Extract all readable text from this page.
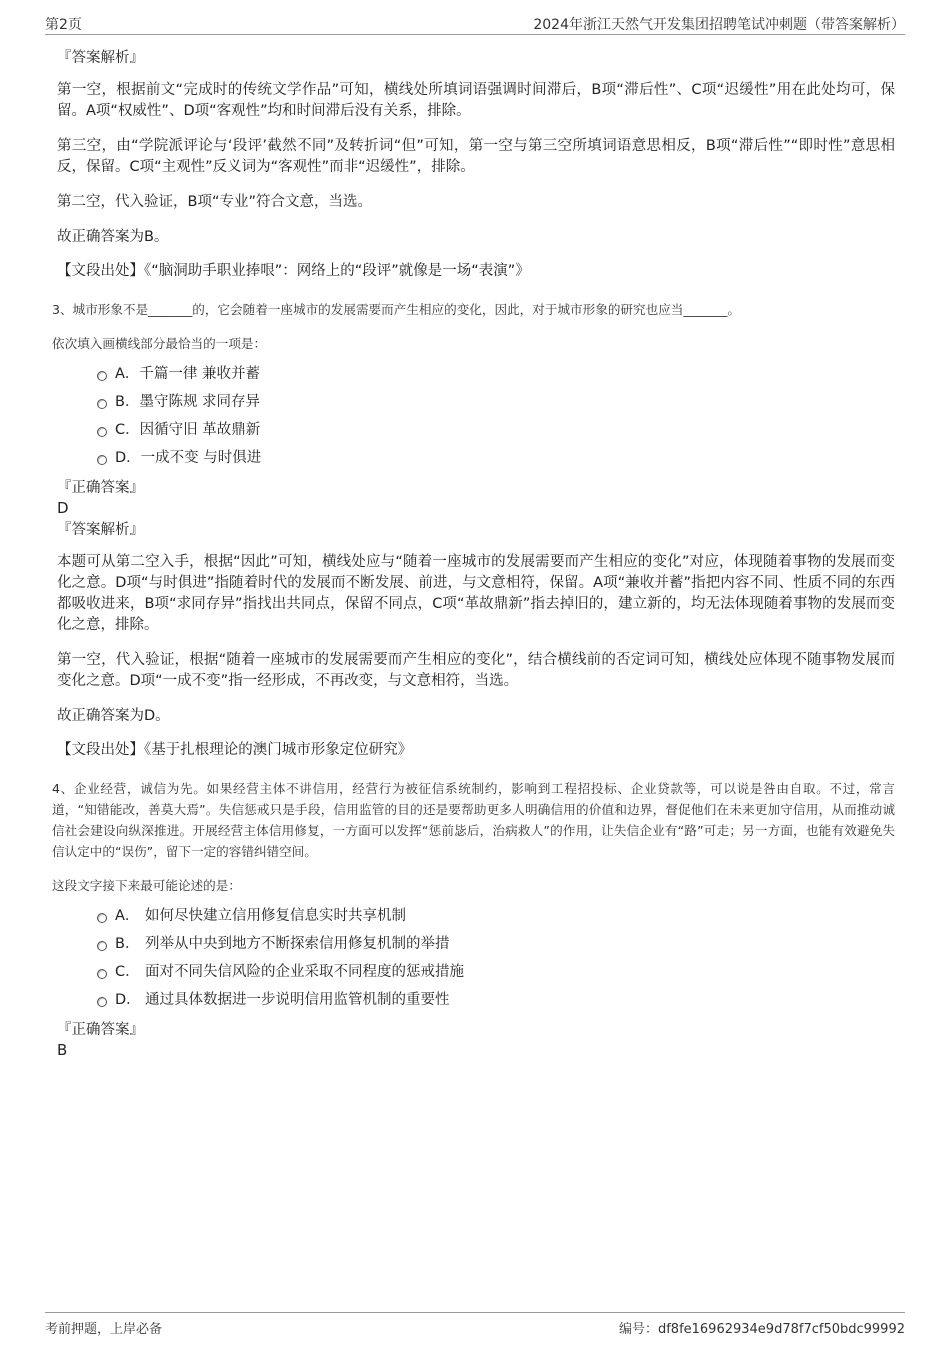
第2页	2024年浙江天然气开发集团招聘笔试冲刺题（带答案解析）

『答案解析』

第一空，根据前文“完成时的传统文学作品”可知，横线处所填词语强调时间滞后，B项“滞后性”、C项“迟缓性”用在此处均可，保留。A项“权威性”、D项“客观性”均和时间滞后没有关系，排除。

第三空，由“学院派评论与‘段评’截然不同”及转折词“但”可知，第一空与第三空所填词语意思相反，B项“滞后性”“即时性”意思相反，保留。C项“主观性”反义词为“客观性”而非“迟缓性”，排除。

第二空，代入验证，B项“专业”符合文意，当选。

故正确答案为B。

【文段出处】《“脑洞助手职业捧哏”：网络上的“段评”就像是一场“表演”》

3、城市形象不是_______的，它会随着一座城市的发展需要而产生相应的变化，因此，对于城市形象的研究也应当_______。

依次填入画横线部分最恰当的一项是：

A． 千篇一律 兼收并蓄
B． 墨守陈规 求同存异
C． 因循守旧 革故鼎新
D． 一成不变 与时俱进

『正确答案』

D

『答案解析』

本题可从第二空入手，根据“因此”可知，横线处应与“随着一座城市的发展需要而产生相应的变化”对应，体现随着事物的发展而变化之意。D项“与时俱进”指随着时代的发展而不断发展、前进，与文意相符，保留。A项“兼收并蓄”指把内容不同、性质不同的东西都吸收进来，B项“求同存异”指找出共同点，保留不同点，C项“革故鼎新”指去掉旧的，建立新的，均无法体现随着事物的发展而变化之意，排除。

第一空，代入验证，根据“随着一座城市的发展需要而产生相应的变化”，结合横线前的否定词可知，横线处应体现不随事物发展而变化之意。D项“一成不变”指一经形成，不再改变，与文意相符，当选。

故正确答案为D。

【文段出处】《基于扎根理论的澳门城市形象定位研究》

4、企业经营，诚信为先。如果经营主体不讲信用，经营行为被征信系统制约，影响到工程招投标、企业贷款等，可以说是咎由自取。不过，常言道，“知错能改，善莫大焉”。失信惩戒只是手段，信用监管的目的还是要帮助更多人明确信用的价值和边界，督促他们在未来更加守信用，从而推动诚信社会建设向纵深推进。开展经营主体信用修复，一方面可以发挥“惩前毖后，治病救人”的作用，让失信企业有“路”可走；另一方面，也能有效避免失信认定中的“误伤”，留下一定的容错纠错空间。

这段文字接下来最可能论述的是：

A． 如何尽快建立信用修复信息实时共享机制
B． 列举从中央到地方不断探索信用修复机制的举措
C． 面对不同失信风险的企业采取不同程度的惩戒措施
D． 通过具体数据进一步说明信用监管机制的重要性

『正确答案』

B

考前押题，上岸必备	编号：df8fe16962934e9d78f7cf50bdc99992
